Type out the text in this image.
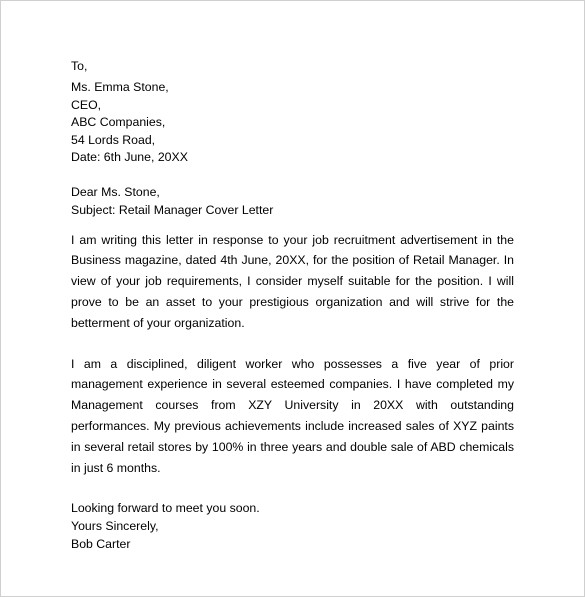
To,
Ms. Emma Stone,
CEO,
ABC Companies,
54 Lords Road,
Date: 6th June, 20XX
Dear Ms. Stone,
Subject: Retail Manager Cover Letter

I am writing this letter in response to your job recruitment advertisement in the Business magazine, dated 4th June, 20XX, for the position of Retail Manager. In view of your job requirements, I consider myself suitable for the position. I will prove to be an asset to your prestigious organization and will strive for the betterment of your organization.

I am a disciplined, diligent worker who possesses a five year of prior management experience in several esteemed companies. I have completed my Management courses from XZY University in 20XX with outstanding performances. My previous achievements include increased sales of XYZ paints in several retail stores by 100% in three years and double sale of ABD chemicals in just 6 months.

Looking forward to meet you soon.
Yours Sincerely,
Bob Carter
